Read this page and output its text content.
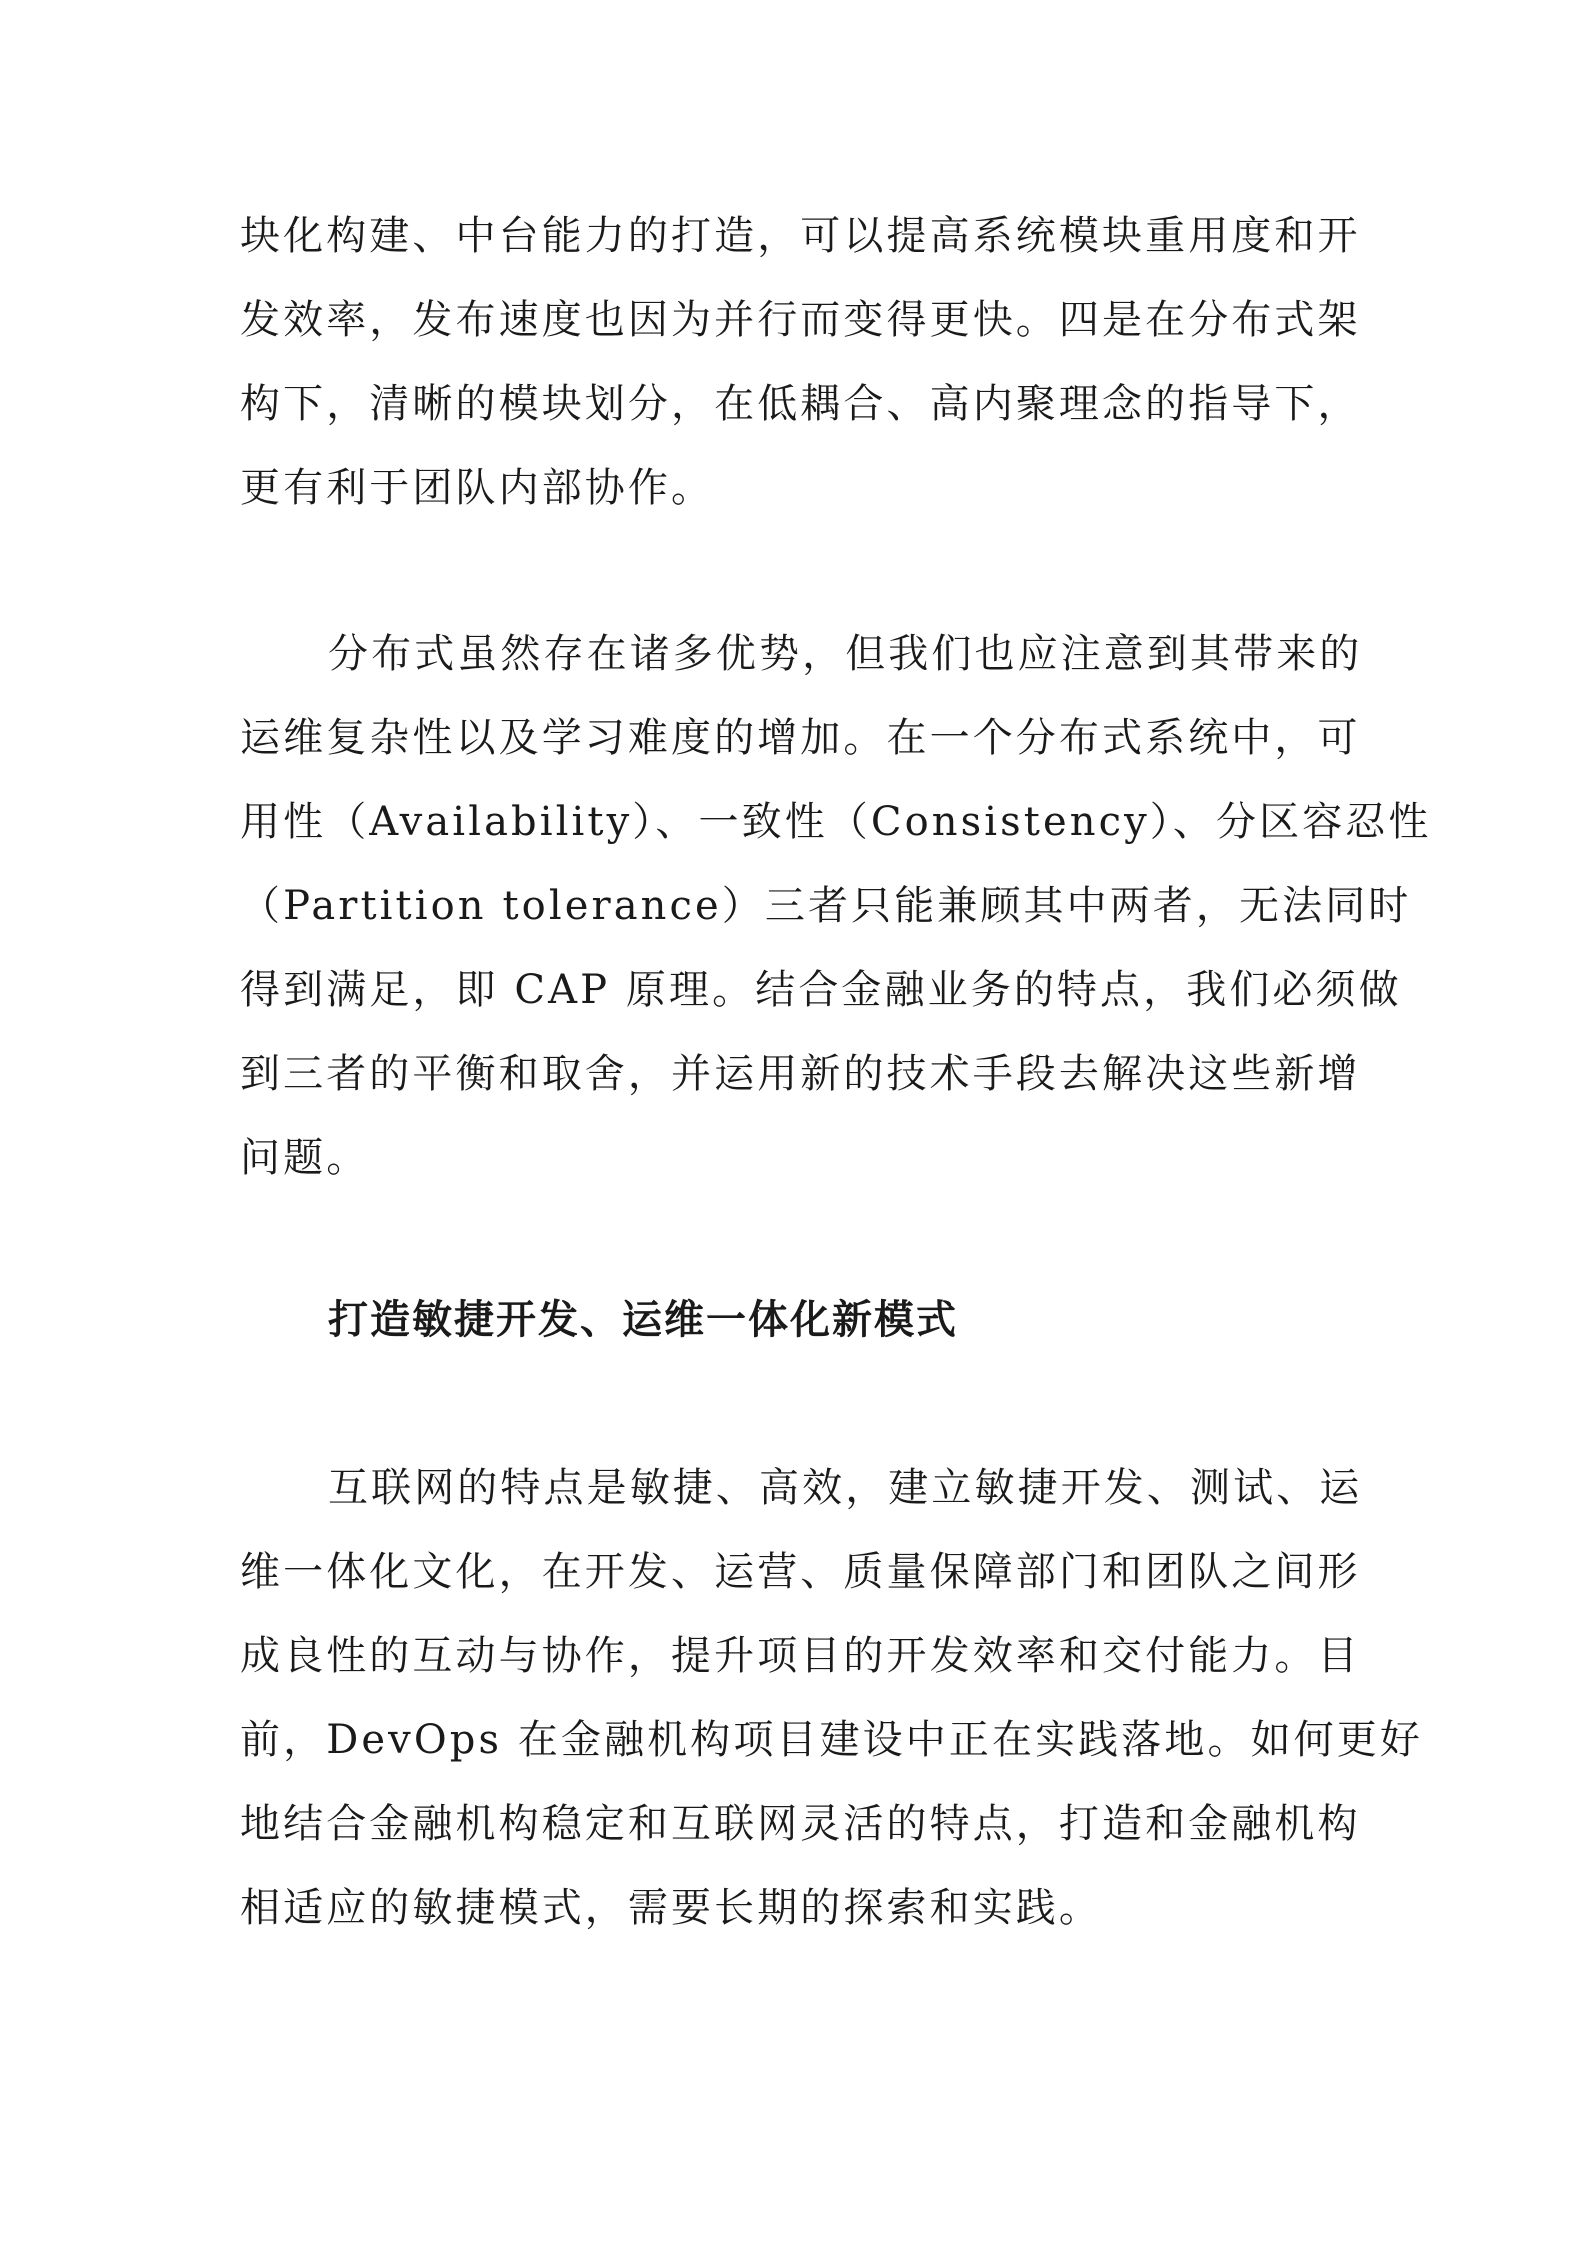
块化构建、中台能力的打造，可以提高系统模块重用度和开
发效率，发布速度也因为并行而变得更快。四是在分布式架
构下，清晰的模块划分，在低耦合、高内聚理念的指导下，
更有利于团队内部协作。

分布式虽然存在诸多优势，但我们也应注意到其带来的
运维复杂性以及学习难度的增加。在一个分布式系统中，可
用性（Availability）、一致性（Consistency）、分区容忍性
（Partition tolerance）三者只能兼顾其中两者，无法同时
得到满足，即 CAP 原理。结合金融业务的特点，我们必须做
到三者的平衡和取舍，并运用新的技术手段去解决这些新增
问题。

打造敏捷开发、运维一体化新模式

互联网的特点是敏捷、高效，建立敏捷开发、测试、运
维一体化文化，在开发、运营、质量保障部门和团队之间形
成良性的互动与协作，提升项目的开发效率和交付能力。目
前，DevOps 在金融机构项目建设中正在实践落地。如何更好
地结合金融机构稳定和互联网灵活的特点，打造和金融机构
相适应的敏捷模式，需要长期的探索和实践。
